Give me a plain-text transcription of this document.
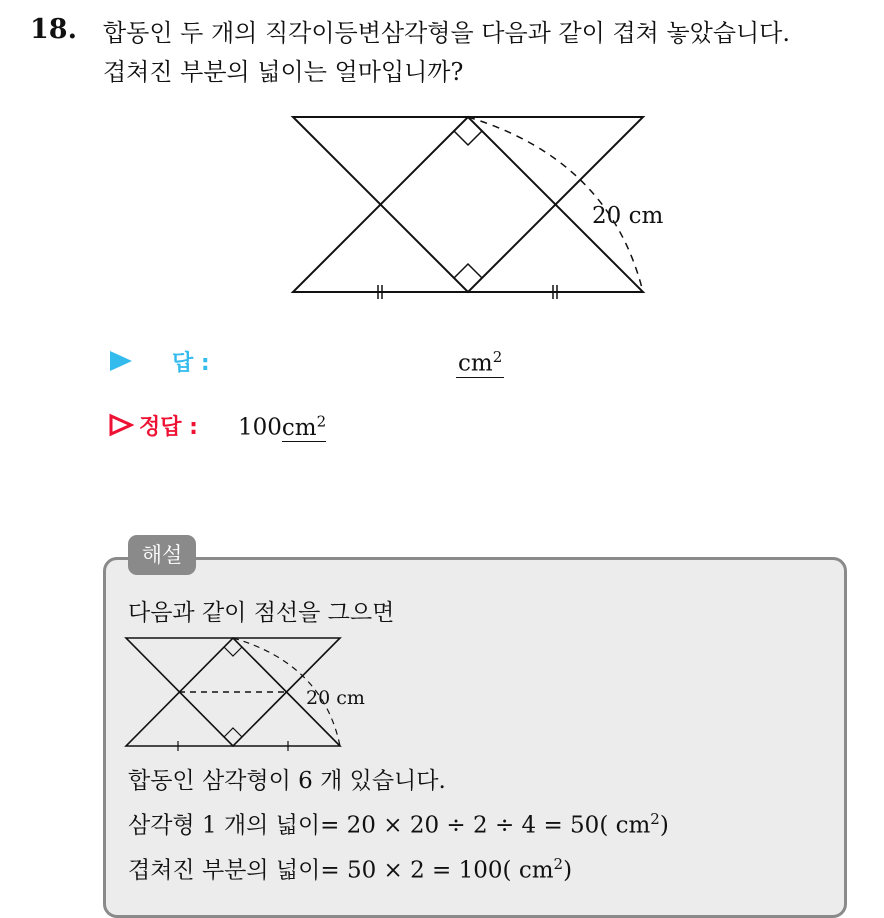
18. 합동인 두 개의 직각이등변삼각형을 다음과 같이 겹쳐 놓았습니다.
겹쳐진 부분의 넓이는 얼마입니까?
20 cm
답 :	$cm^2$
정답 : $100cm^2$
해설
다음과 같이 점선을 그으면
20 cm
합동인 삼각형이 6 개 있습니다.
삼각형 1 개의 넓이= 20 × 20 ÷ 2 ÷ 4 = 50( $cm^2$)
겹쳐진 부분의 넓이= 50 × 2 = 100( $cm^2$)
